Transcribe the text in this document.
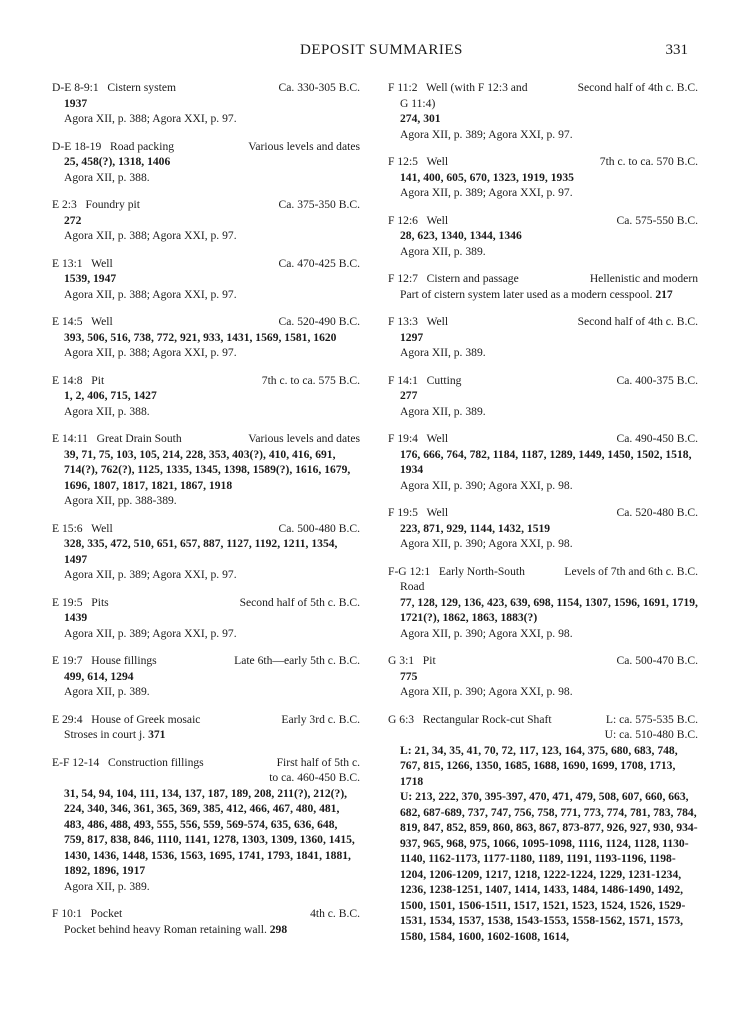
DEPOSIT SUMMARIES	331
D-E 8-9:1 Cistern system	Ca. 330-305 B.C.
1937
Agora XII, p. 388; Agora XXI, p. 97.
D-E 18-19 Road packing	Various levels and dates
25, 458(?), 1318, 1406
Agora XII, p. 388.
E 2:3 Foundry pit	Ca. 375-350 B.C.
272
Agora XII, p. 388; Agora XXI, p. 97.
E 13:1 Well	Ca. 470-425 B.C.
1539, 1947
Agora XII, p. 388; Agora XXI, p. 97.
E 14:5 Well	Ca. 520-490 B.C.
393, 506, 516, 738, 772, 921, 933, 1431, 1569, 1581, 1620
Agora XII, p. 388; Agora XXI, p. 97.
E 14:8 Pit	7th c. to ca. 575 B.C.
1, 2, 406, 715, 1427
Agora XII, p. 388.
E 14:11 Great Drain South	Various levels and dates
39, 71, 75, 103, 105, 214, 228, 353, 403(?), 410, 416, 691, 714(?), 762(?), 1125, 1335, 1345, 1398, 1589(?), 1616, 1679, 1696, 1807, 1817, 1821, 1867, 1918
Agora XII, pp. 388-389.
E 15:6 Well	Ca. 500-480 B.C.
328, 335, 472, 510, 651, 657, 887, 1127, 1192, 1211, 1354, 1497
Agora XII, p. 389; Agora XXI, p. 97.
E 19:5 Pits	Second half of 5th c. B.C.
1439
Agora XII, p. 389; Agora XXI, p. 97.
E 19:7 House fillings	Late 6th—early 5th c. B.C.
499, 614, 1294
Agora XII, p. 389.
E 29:4 House of Greek mosaic	Early 3rd c. B.C.
Stroses in court j. 371
E-F 12-14 Construction fillings	First half of 5th c.
to ca. 460-450 B.C.
31, 54, 94, 104, 111, 134, 137, 187, 189, 208, 211(?), 212(?), 224, 340, 346, 361, 365, 369, 385, 412, 466, 467, 480, 481, 483, 486, 488, 493, 555, 556, 559, 569-574, 635, 636, 648, 759, 817, 838, 846, 1110, 1141, 1278, 1303, 1309, 1360, 1415, 1430, 1436, 1448, 1536, 1563, 1695, 1741, 1793, 1841, 1881, 1892, 1896, 1917
Agora XII, p. 389.
F 10:1 Pocket	4th c. B.C.
Pocket behind heavy Roman retaining wall. 298
F 11:2 Well (with F 12:3 and	Second half of 4th c. B.C.
G 11:4)
274, 301
Agora XII, p. 389; Agora XXI, p. 97.
F 12:5 Well	7th c. to ca. 570 B.C.
141, 400, 605, 670, 1323, 1919, 1935
Agora XII, p. 389; Agora XXI, p. 97.
F 12:6 Well	Ca. 575-550 B.C.
28, 623, 1340, 1344, 1346
Agora XII, p. 389.
F 12:7 Cistern and passage	Hellenistic and modern
Part of cistern system later used as a modern cesspool. 217
F 13:3 Well	Second half of 4th c. B.C.
1297
Agora XII, p. 389.
F 14:1 Cutting	Ca. 400-375 B.C.
277
Agora XII, p. 389.
F 19:4 Well	Ca. 490-450 B.C.
176, 666, 764, 782, 1184, 1187, 1289, 1449, 1450, 1502, 1518, 1934
Agora XII, p. 390; Agora XXI, p. 98.
F 19:5 Well	Ca. 520-480 B.C.
223, 871, 929, 1144, 1432, 1519
Agora XII, p. 390; Agora XXI, p. 98.
F-G 12:1 Early North-South	Levels of 7th and 6th c. B.C.
Road
77, 128, 129, 136, 423, 639, 698, 1154, 1307, 1596, 1691, 1719, 1721(?), 1862, 1863, 1883(?)
Agora XII, p. 390; Agora XXI, p. 98.
G 3:1 Pit	Ca. 500-470 B.C.
775
Agora XII, p. 390; Agora XXI, p. 98.
G 6:3 Rectangular Rock-cut Shaft	L: ca. 575-535 B.C.
U: ca. 510-480 B.C.
L: 21, 34, 35, 41, 70, 72, 117, 123, 164, 375, 680, 683, 748, 767, 815, 1266, 1350, 1685, 1688, 1690, 1699, 1708, 1713, 1718
U: 213, 222, 370, 395-397, 470, 471, 479, 508, 607, 660, 663, 682, 687-689, 737, 747, 756, 758, 771, 773, 774, 781, 783, 784, 819, 847, 852, 859, 860, 863, 867, 873-877, 926, 927, 930, 934-937, 965, 968, 975, 1066, 1095-1098, 1116, 1124, 1128, 1130-1140, 1162-1173, 1177-1180, 1189, 1191, 1193-1196, 1198-1204, 1206-1209, 1217, 1218, 1222-1224, 1229, 1231-1234, 1236, 1238-1251, 1407, 1414, 1433, 1484, 1486-1490, 1492, 1500, 1501, 1506-1511, 1517, 1521, 1523, 1524, 1526, 1529-1531, 1534, 1537, 1538, 1543-1553, 1558-1562, 1571, 1573, 1580, 1584, 1600, 1602-1608, 1614,
